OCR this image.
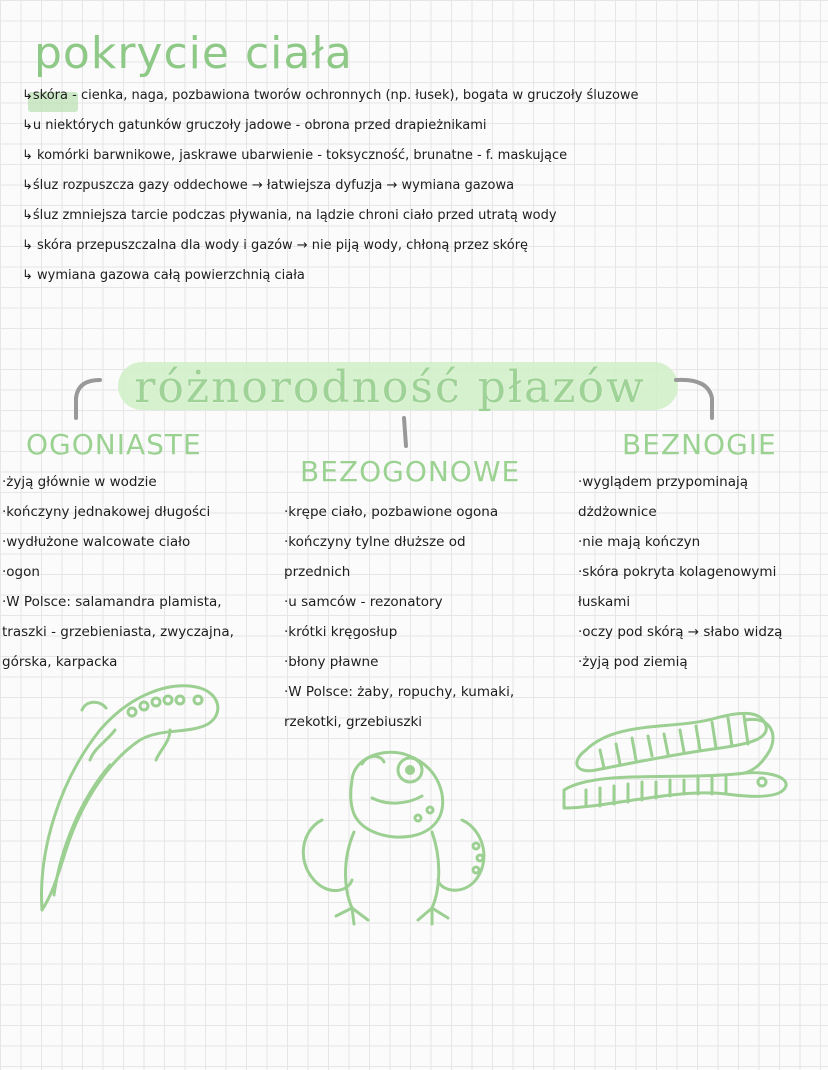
pokrycie ciała
↳skóra - cienka, naga, pozbawiona tworów ochronnych (np. łusek), bogata w gruczoły śluzowe
↳u niektórych gatunków gruczoły jadowe - obrona przed drapieżnikami
↳ komórki barwnikowe, jaskrawe ubarwienie - toksyczność, brunatne - f. maskujące
↳śluz rozpuszcza gazy oddechowe → łatwiejsza dyfuzja → wymiana gazowa
↳śluz zmniejsza tarcie podczas pływania, na lądzie chroni ciało przed utratą wody
↳ skóra przepuszczalna dla wody i gazów → nie piją wody, chłoną przez skórę
↳ wymiana gazowa całą powierzchnią ciała
różnorodność płazów
OGONIASTE
BEZOGONOWE
BEZNOGIE
·żyją głównie w wodzie
·kończyny jednakowej długości
·wydłużone walcowate ciało
·ogon
·W Polsce: salamandra plamista,
traszki - grzebieniasta, zwyczajna,
górska, karpacka
·krępe ciało, pozbawione ogona
·kończyny tylne dłuższe od
przednich
·u samców - rezonatory
·krótki kręgosłup
·błony pławne
·W Polsce: żaby, ropuchy, kumaki,
rzekotki, grzebiuszki
·wyglądem przypominają
dżdżownice
·nie mają kończyn
·skóra pokryta kolagenowymi
łuskami
·oczy pod skórą → słabo widzą
·żyją pod ziemią
